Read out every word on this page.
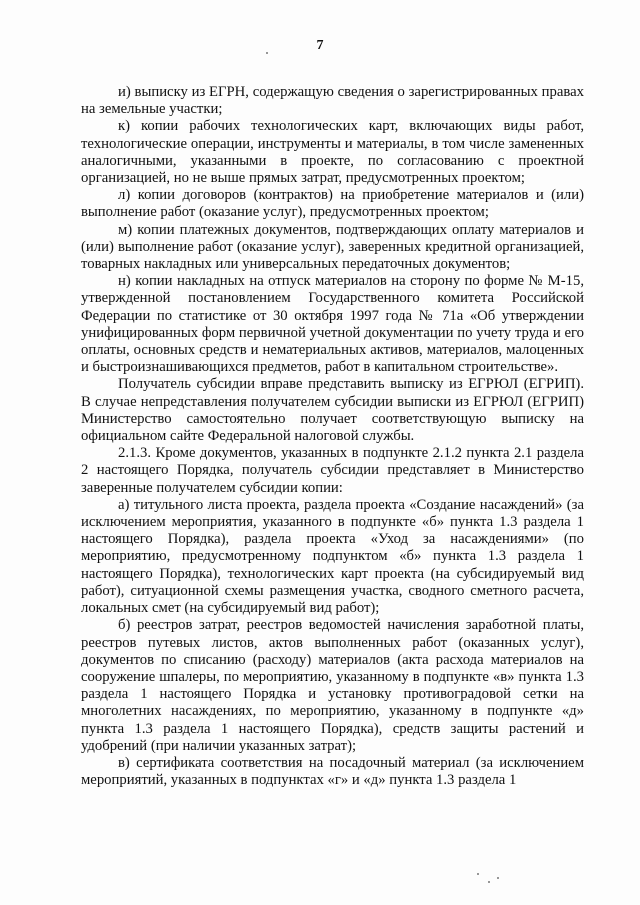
7

и) выписку из ЕГРН, содержащую сведения о зарегистрированных правах на земельные участки;

к) копии рабочих технологических карт, включающих виды работ, технологические операции, инструменты и материалы, в том числе замененных аналогичными, указанными в проекте, по согласованию с проектной организацией, но не выше прямых затрат, предусмотренных проектом;

л) копии договоров (контрактов) на приобретение материалов и (или) выполнение работ (оказание услуг), предусмотренных проектом;

м) копии платежных документов, подтверждающих оплату материалов и (или) выполнение работ (оказание услуг), заверенных кредитной организацией, товарных накладных или универсальных передаточных документов;

н) копии накладных на отпуск материалов на сторону по форме № М-15, утвержденной постановлением Государственного комитета Российской Федерации по статистике от 30 октября 1997 года № 71а «Об утверждении унифицированных форм первичной учетной документации по учету труда и его оплаты, основных средств и нематериальных активов, материалов, малоценных и быстроизнашивающихся предметов, работ в капитальном строительстве».

Получатель субсидии вправе представить выписку из ЕГРЮЛ (ЕГРИП). В случае непредставления получателем субсидии выписки из ЕГРЮЛ (ЕГРИП) Министерство самостоятельно получает соответствующую выписку на официальном сайте Федеральной налоговой службы.

2.1.3. Кроме документов, указанных в подпункте 2.1.2 пункта 2.1 раздела 2 настоящего Порядка, получатель субсидии представляет в Министерство заверенные получателем субсидии копии:

а) титульного листа проекта, раздела проекта «Создание насаждений» (за исключением мероприятия, указанного в подпункте «б» пункта 1.3 раздела 1 настоящего Порядка), раздела проекта «Уход за насаждениями» (по мероприятию, предусмотренному подпунктом «б» пункта 1.3 раздела 1 настоящего Порядка), технологических карт проекта (на субсидируемый вид работ), ситуационной схемы размещения участка, сводного сметного расчета, локальных смет (на субсидируемый вид работ);

б) реестров затрат, реестров ведомостей начисления заработной платы, реестров путевых листов, актов выполненных работ (оказанных услуг), документов по списанию (расходу) материалов (акта расхода материалов на сооружение шпалеры, по мероприятию, указанному в подпункте «в» пункта 1.3 раздела 1 настоящего Порядка и установку противоградовой сетки на многолетних насаждениях, по мероприятию, указанному в подпункте «д» пункта 1.3 раздела 1 настоящего Порядка), средств защиты растений и удобрений (при наличии указанных затрат);

в) сертификата соответствия на посадочный материал (за исключением мероприятий, указанных в подпунктах «г» и «д» пункта 1.3 раздела 1
